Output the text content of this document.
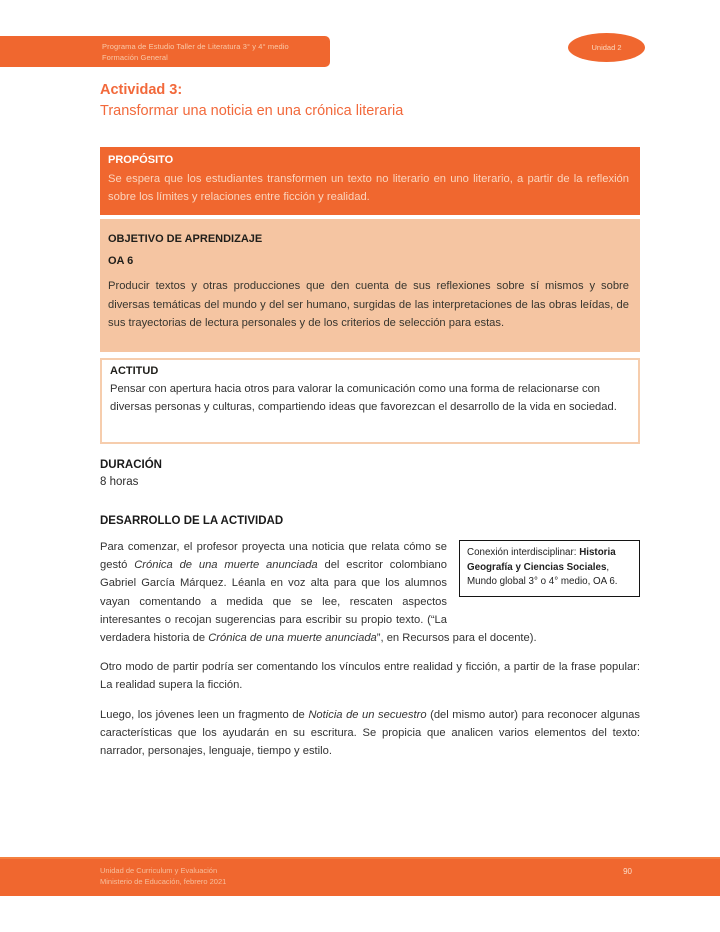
Programa de Estudio Taller de Literatura 3° y 4° medio
Formación General
Unidad 2
Actividad 3:
Transformar una noticia en una crónica literaria
PROPÓSITO

Se espera que los estudiantes transformen un texto no literario en uno literario, a partir de la reflexión sobre los límites y relaciones entre ficción y realidad.

OBJETIVO DE APRENDIZAJE
OA 6

Producir textos y otras producciones que den cuenta de sus reflexiones sobre sí mismos y sobre diversas temáticas del mundo y del ser humano, surgidas de las interpretaciones de las obras leídas, de sus trayectorias de lectura personales y de los criterios de selección para estas.

ACTITUD

Pensar con apertura hacia otros para valorar la comunicación como una forma de relacionarse con diversas personas y culturas, compartiendo ideas que favorezcan el desarrollo de la vida en sociedad.

DURACIÓN
8 horas
DESARROLLO DE LA ACTIVIDAD

Conexión interdisciplinar: Historia Geografía y Ciencias Sociales, Mundo global 3° o 4° medio, OA 6.
Para comenzar, el profesor proyecta una noticia que relata cómo se gestó Crónica de una muerte anunciada del escritor colombiano Gabriel García Márquez. Léanla en voz alta para que los alumnos vayan comentando a medida que se lee, rescaten aspectos interesantes o recojan sugerencias para escribir su propio texto. (“La verdadera historia de Crónica de una muerte anunciada”, en Recursos para el docente).

Otro modo de partir podría ser comentando los vínculos entre realidad y ficción, a partir de la frase popular: La realidad supera la ficción.

Luego, los jóvenes leen un fragmento de Noticia de un secuestro (del mismo autor) para reconocer algunas características que los ayudarán en su escritura. Se propicia que analicen varios elementos del texto: narrador, personajes, lenguaje, tiempo y estilo.

Unidad de Curriculum y Evaluación
Ministerio de Educación, febrero 2021
90
